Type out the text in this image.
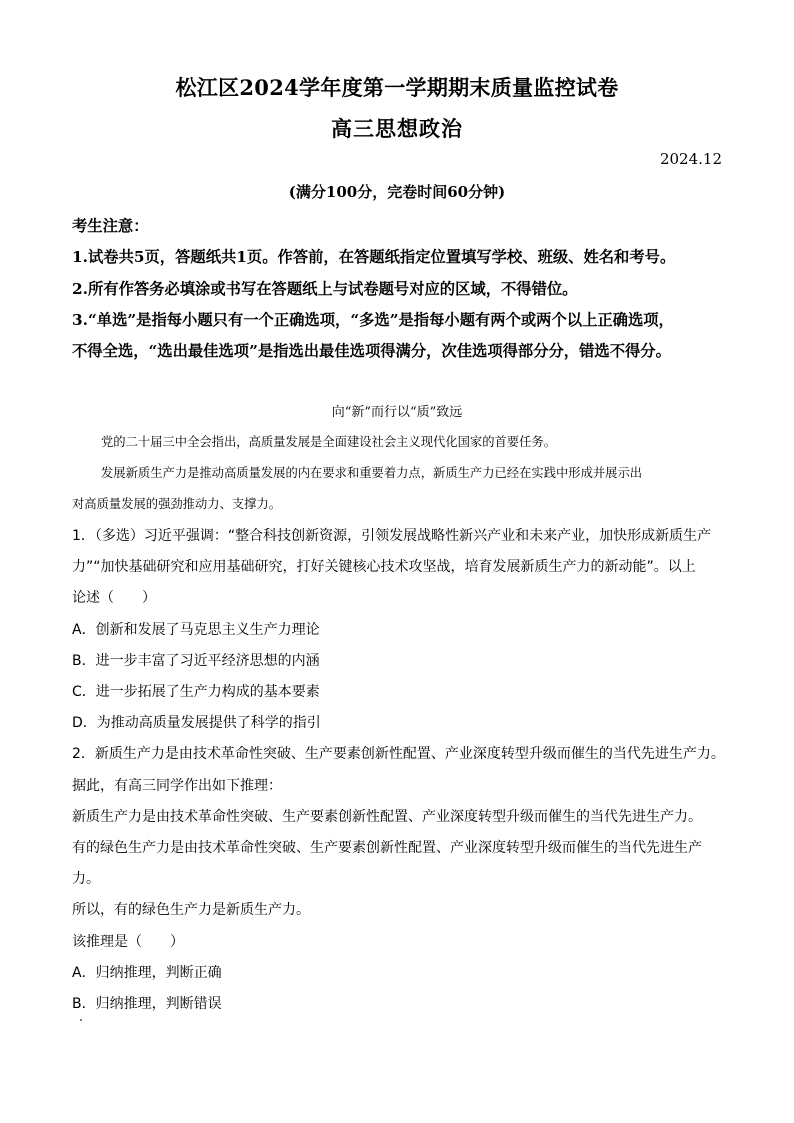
松江区2024学年度第一学期期末质量监控试卷
高三思想政治
2024.12
(满分100分，完卷时间60分钟)
考生注意：
1.试卷共5页，答题纸共1页。作答前，在答题纸指定位置填写学校、班级、姓名和考号。
2.所有作答务必填涂或书写在答题纸上与试卷题号对应的区域，不得错位。
3.“单选”是指每小题只有一个正确选项，“多选”是指每小题有两个或两个以上正确选项，
不得全选，“选出最佳选项”是指选出最佳选项得满分，次佳选项得部分分，错选不得分。
向“新”而行以“质”致远
党的二十届三中全会指出，高质量发展是全面建设社会主义现代化国家的首要任务。
发展新质生产力是推动高质量发展的内在要求和重要着力点，新质生产力已经在实践中形成并展示出
对高质量发展的强劲推动力、支撑力。
1．（多选）习近平强调：“整合科技创新资源，引领发展战略性新兴产业和未来产业，加快形成新质生产
力”“加快基础研究和应用基础研究，打好关键核心技术攻坚战，培育发展新质生产力的新动能”。以上
论述（　　）
A．创新和发展了马克思主义生产力理论
B．进一步丰富了习近平经济思想的内涵
C．进一步拓展了生产力构成的基本要素
D．为推动高质量发展提供了科学的指引
2．新质生产力是由技术革命性突破、生产要素创新性配置、产业深度转型升级而催生的当代先进生产力。
据此，有高三同学作出如下推理：
新质生产力是由技术革命性突破、生产要素创新性配置、产业深度转型升级而催生的当代先进生产力。
有的绿色生产力是由技术革命性突破、生产要素创新性配置、产业深度转型升级而催生的当代先进生产
力。
所以，有的绿色生产力是新质生产力。
该推理是（　　）
A．归纳推理，判断正确
B．归纳推理，判断错误
